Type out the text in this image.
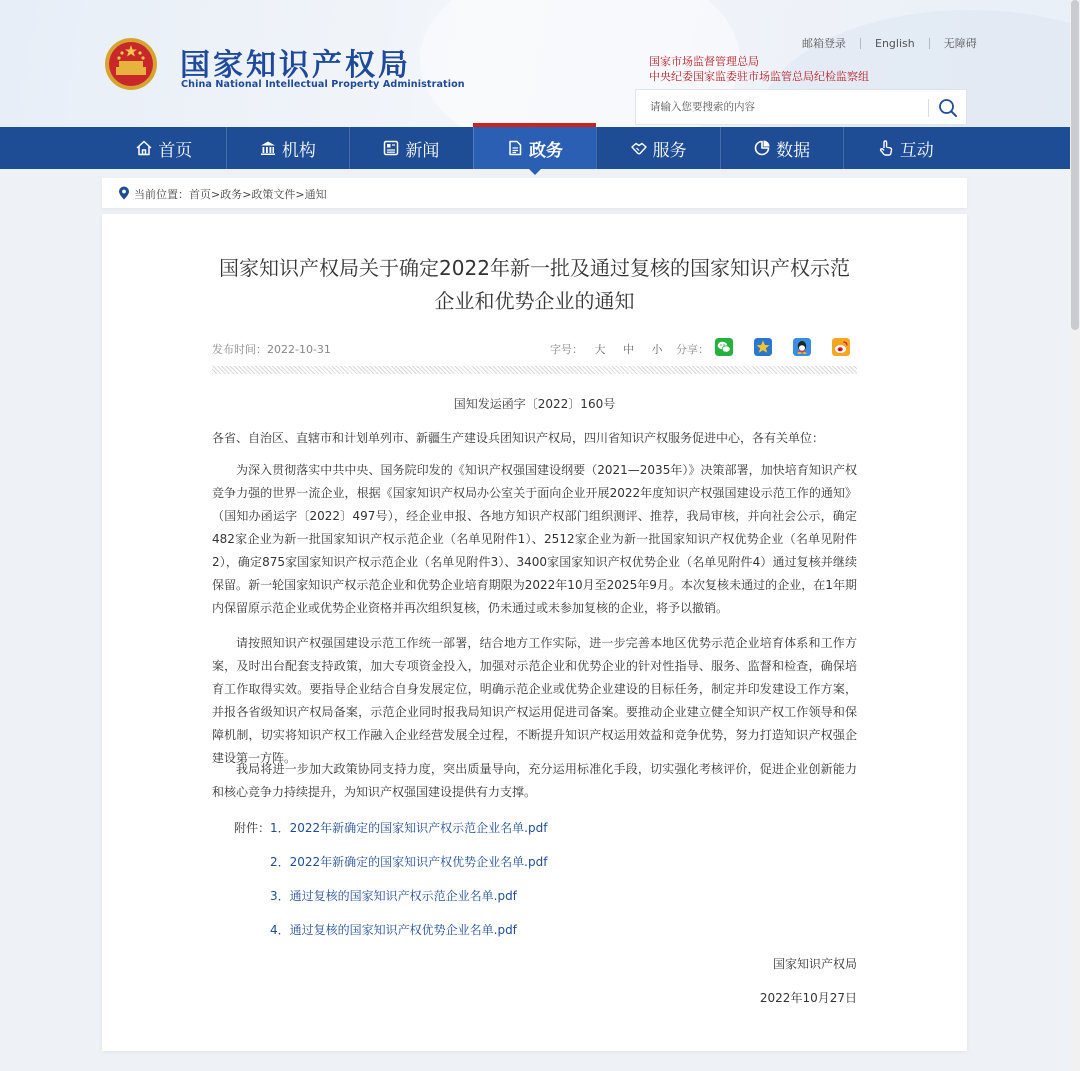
国家知识产权局
China National Intellectual Property Administration
邮箱登录	English	无障碍
国家市场监督管理总局
中央纪委国家监委驻市场监管总局纪检监察组
请输入您要搜索的内容
首页	机构	新闻	政务	服务	数据	互动
当前位置：首页>政务>政策文件>通知
国家知识产权局关于确定2022年新一批及通过复核的国家知识产权示范企业和优势企业的通知
发布时间：2022-10-31	字号： 大 中 小 分享：
国知发运函字〔2022〕160号
各省、自治区、直辖市和计划单列市、新疆生产建设兵团知识产权局，四川省知识产权服务促进中心，各有关单位：

为深入贯彻落实中共中央、国务院印发的《知识产权强国建设纲要（2021—2035年）》决策部署，加快培育知识产权竞争力强的世界一流企业，根据《国家知识产权局办公室关于面向企业开展2022年度知识产权强国建设示范工作的通知》（国知办函运字〔2022〕497号），经企业申报、各地方知识产权部门组织测评、推荐，我局审核，并向社会公示，确定482家企业为新一批国家知识产权示范企业（名单见附件1）、2512家企业为新一批国家知识产权优势企业（名单见附件2），确定875家国家知识产权示范企业（名单见附件3）、3400家国家知识产权优势企业（名单见附件4）通过复核并继续保留。新一轮国家知识产权示范企业和优势企业培育期限为2022年10月至2025年9月。本次复核未通过的企业，在1年期内保留原示范企业或优势企业资格并再次组织复核，仍未通过或未参加复核的企业，将予以撤销。

请按照知识产权强国建设示范工作统一部署，结合地方工作实际，进一步完善本地区优势示范企业培育体系和工作方案，及时出台配套支持政策，加大专项资金投入，加强对示范企业和优势企业的针对性指导、服务、监督和检查，确保培育工作取得实效。要指导企业结合自身发展定位，明确示范企业或优势企业建设的目标任务，制定并印发建设工作方案，并报各省级知识产权局备案，示范企业同时报我局知识产权运用促进司备案。要推动企业建立健全知识产权工作领导和保障机制，切实将知识产权工作融入企业经营发展全过程，不断提升知识产权运用效益和竞争优势，努力打造知识产权强企建设第一方阵。

我局将进一步加大政策协同支持力度，突出质量导向，充分运用标准化手段，切实强化考核评价，促进企业创新能力和核心竞争力持续提升，为知识产权强国建设提供有力支撑。

附件： 1．2022年新确定的国家知识产权示范企业名单.pdf
2．2022年新确定的国家知识产权优势企业名单.pdf
3．通过复核的国家知识产权示范企业名单.pdf
4．通过复核的国家知识产权优势企业名单.pdf
国家知识产权局
2022年10月27日
